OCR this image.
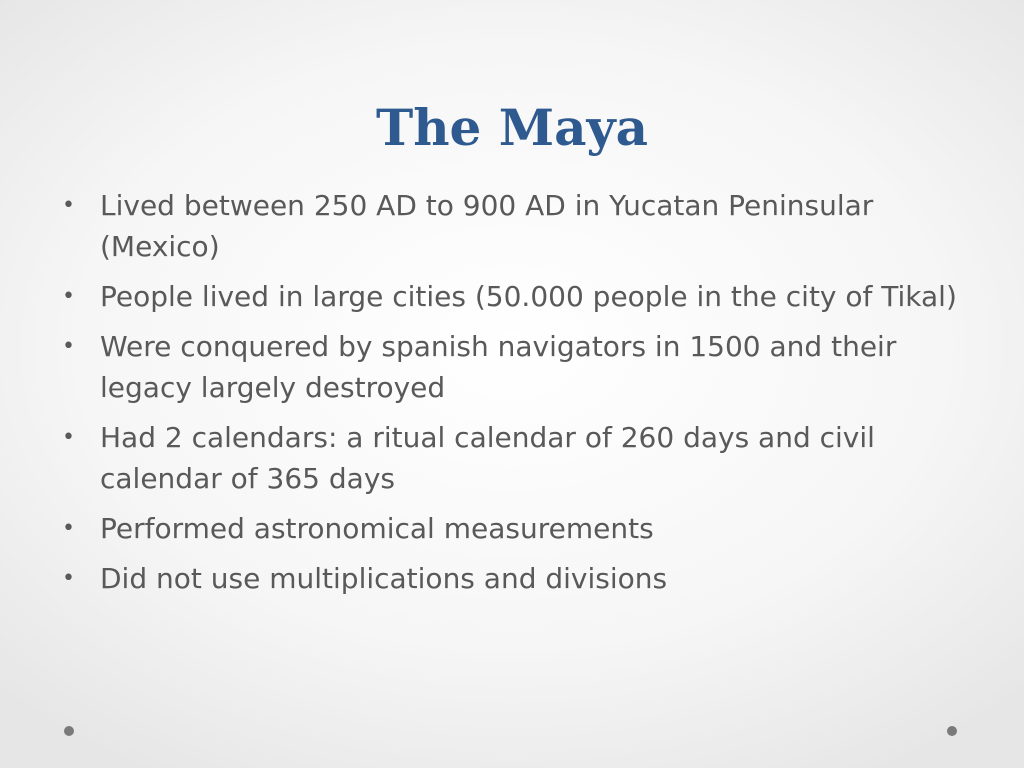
The Maya
• Lived between 250 AD to 900 AD in Yucatan Peninsular (Mexico)
• People lived in large cities (50.000 people in the city of Tikal)
• Were conquered by spanish navigators in 1500 and their legacy largely destroyed
• Had 2 calendars: a ritual calendar of 260 days and civil calendar of 365 days
• Performed astronomical measurements
• Did not use multiplications and divisions
